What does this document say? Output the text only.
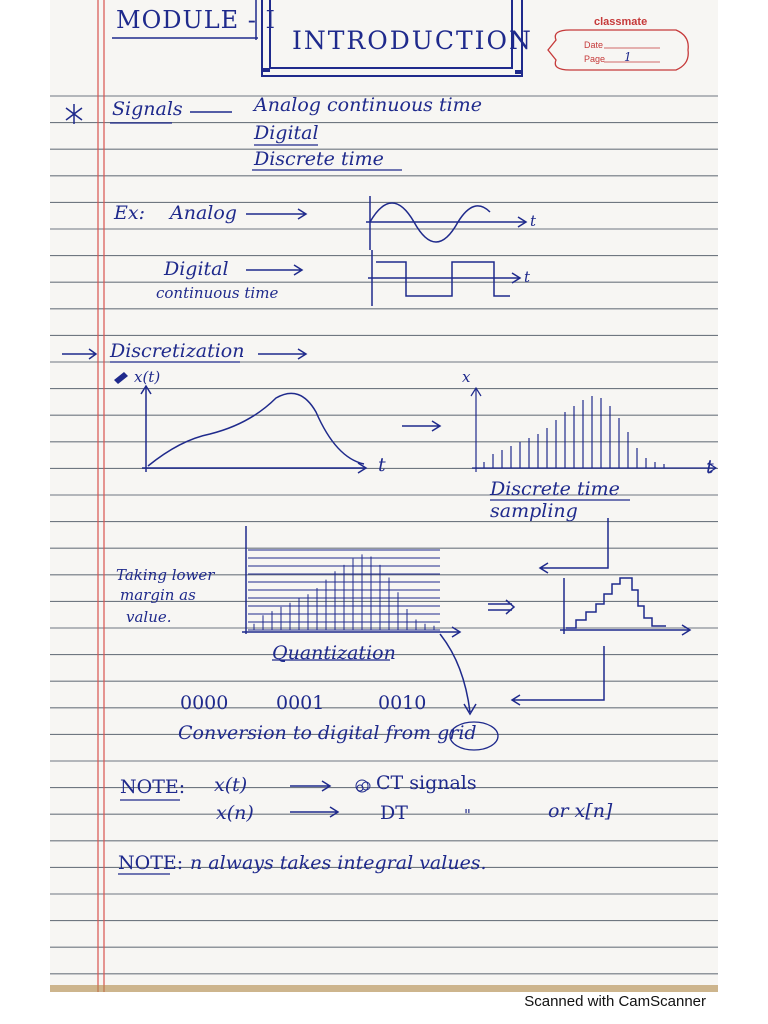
MODULE - I
INTRODUCTION
classmate
Date
Page 1
Signals	Analog continuous time
Digital
Discrete time
Ex: Analog	t
Digital
continuous time
t
Discretization
x(t)	x
t	t
Discrete time
sampling
Taking lower
margin as
value.
Quantization
0000	0001	0010
Conversion to digital from grid
NOTE: x(t)	CT signals
x(n)	DT	"	or x[n]
NOTE: n always takes integral values.
Scanned with CamScanner
